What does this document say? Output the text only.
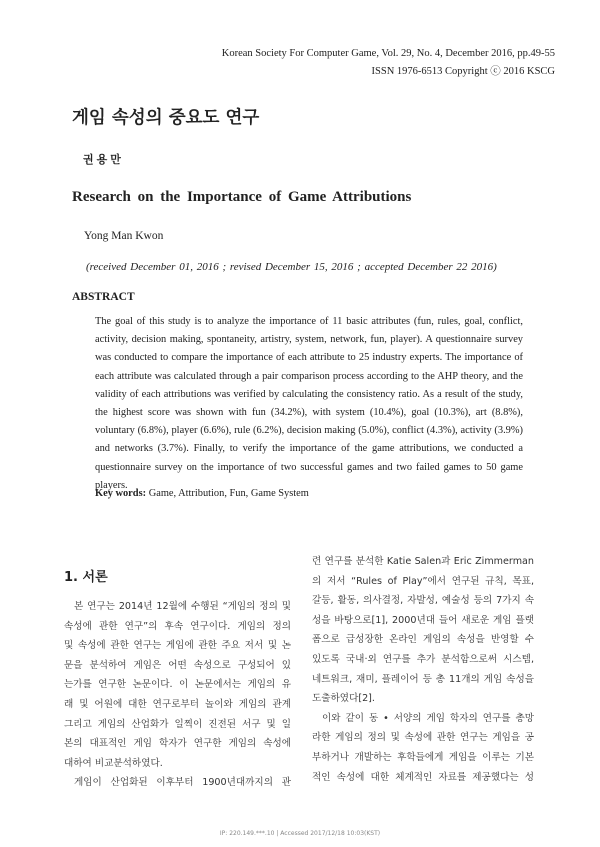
Korean Society For Computer Game, Vol. 29, No. 4, December 2016, pp.49-55
ISSN 1976-6513 Copyright ⓒ 2016 KSCG
게임 속성의 중요도 연구
권용만
Research on the Importance of Game Attributions
Yong Man Kwon
(received December 01, 2016 ; revised December 15, 2016 ; accepted December 22 2016)
ABSTRACT
The goal of this study is to analyze the importance of 11 basic attributes (fun, rules, goal, conflict, activity, decision making, spontaneity, artistry, system, network, fun, player). A questionnaire survey was conducted to compare the importance of each attribute to 25 industry experts. The importance of each attribute was calculated through a pair comparison process according to the AHP theory, and the validity of each attributions was verified by calculating the consistency ratio. As a result of the study, the highest score was shown with fun (34.2%), with system (10.4%), goal (10.3%), art (8.8%), voluntary (6.8%), player (6.6%), rule (6.2%), decision making (5.0%), conflict (4.3%), activity (3.9%) and networks (3.7%). Finally, to verify the importance of the game attributions, we conducted a questionnaire survey on the importance of two successful games and two failed games to 50 game players.
Key words: Game, Attribution, Fun, Game System
1. 서론
본 연구는 2014년 12월에 수행된 “게임의 정의 및
속성에 관한 연구”의 후속 연구이다. 게임의 정의
및 속성에 관한 연구는 게임에 관한 주요 저서 및 논
문을 분석하여 게임은 어떤 속성으로 구성되어 있
는가를 연구한 논문이다. 이 논문에서는 게임의 유
래 및 어원에 대한 연구로부터 놀이와 게임의 관계
그리고 게임의 산업화가 일찍이 진전된 서구 및 일
본의 대표적인 게임 학자가 연구한 게임의 속성에
대하여 비교분석하였다.
게임이 산업화된 이후부터 1900년대까지의 관
련 연구를 분석한 Katie Salen과 Eric Zimmerman
의 저서 “Rules of Play”에서 연구된 규칙, 목표,
갈등, 활동, 의사결정, 자발성, 예술성 등의 7가지 속
성을 바탕으로[1], 2000년대 들어 새로운 게임 플랫
폼으로 급성장한 온라인 게임의 속성을 반영할 수
있도록 국내·외 연구를 추가 분석함으로써 시스템,
네트워크, 재미, 플레이어 등 총 11개의 게임 속성을
도출하였다[2].
이와 같이 동 • 서양의 게임 학자의 연구를 총망
라한 게임의 정의 및 속성에 관한 연구는 게임을 공
부하거나 개발하는 후학들에게 게임을 이루는 기본
적인 속성에 대한 체계적인 자료를 제공했다는 성
IP: 220.149.***.10 | Accessed 2017/12/18 10:03(KST)
